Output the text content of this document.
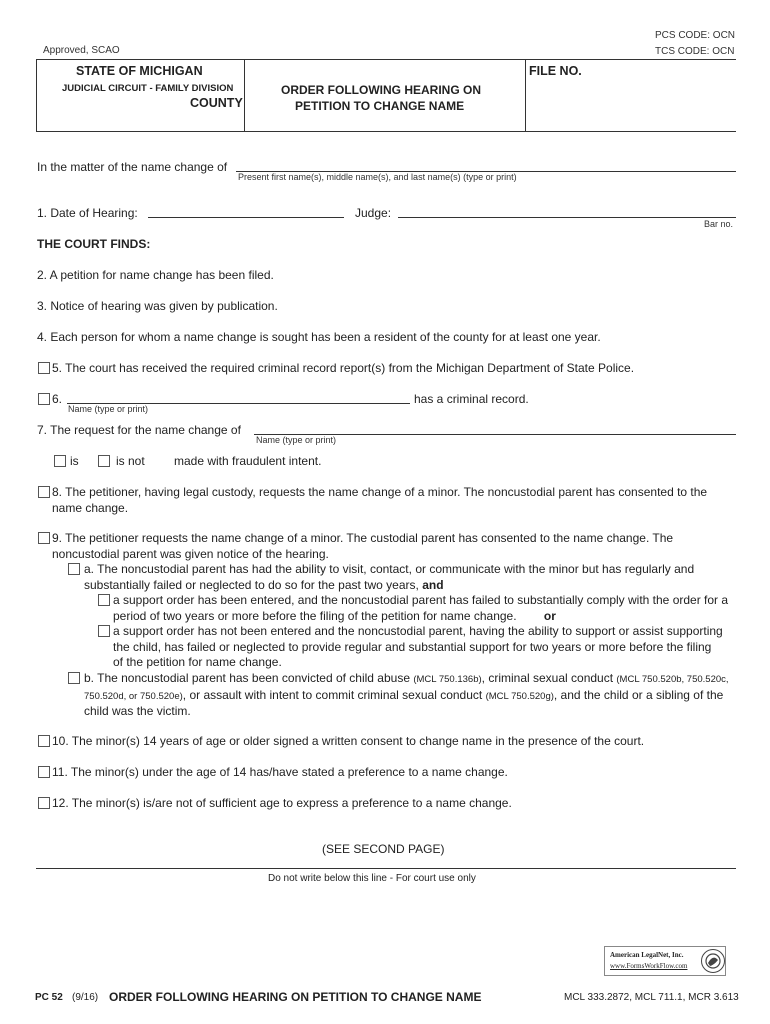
Approved, SCAO
PCS CODE: OCN
TCS CODE: OCN
STATE OF MICHIGAN
JUDICIAL CIRCUIT - FAMILY DIVISION
COUNTY
ORDER FOLLOWING HEARING ON
PETITION TO CHANGE NAME
FILE NO.
In the matter of the name change of
Present first name(s), middle name(s), and last name(s) (type or print)
1. Date of Hearing:	Judge:
Bar no.
THE COURT FINDS:
2. A petition for name change has been filed.
3. Notice of hearing was given by publication.
4. Each person for whom a name change is sought has been a resident of the county for at least one year.
5. The court has received the required criminal record report(s) from the Michigan Department of State Police.
6.
Name (type or print)
has a criminal record.
7. The request for the name change of
Name (type or print)
is	is not made with fraudulent intent.
8. The petitioner, having legal custody, requests the name change of a minor. The noncustodial parent has consented to the name change.
9. The petitioner requests the name change of a minor. The custodial parent has consented to the name change. The noncustodial parent was given notice of the hearing.
a. The noncustodial parent has had the ability to visit, contact, or communicate with the minor but has regularly and substantially failed or neglected to do so for the past two years, and
a support order has been entered, and the noncustodial parent has failed to substantially comply with the order for a period of two years or more before the filing of the petition for name change. or
a support order has not been entered and the noncustodial parent, having the ability to support or assist supporting the child, has failed or neglected to provide regular and substantial support for two years or more before the filing of the petition for name change.
b. The noncustodial parent has been convicted of child abuse (MCL 750.136b), criminal sexual conduct (MCL 750.520b, 750.520c, 750.520d, or 750.520e), or assault with intent to commit criminal sexual conduct (MCL 750.520g), and the child or a sibling of the child was the victim.
10. The minor(s) 14 years of age or older signed a written consent to change name in the presence of the court.
11. The minor(s) under the age of 14 has/have stated a preference to a name change.
12. The minor(s) is/are not of sufficient age to express a preference to a name change.
(SEE SECOND PAGE)
Do not write below this line - For court use only
American LegalNet, Inc.
www.FormsWorkFlow.com
PC 52 (9/16) ORDER FOLLOWING HEARING ON PETITION TO CHANGE NAME	MCL 333.2872, MCL 711.1, MCR 3.613
